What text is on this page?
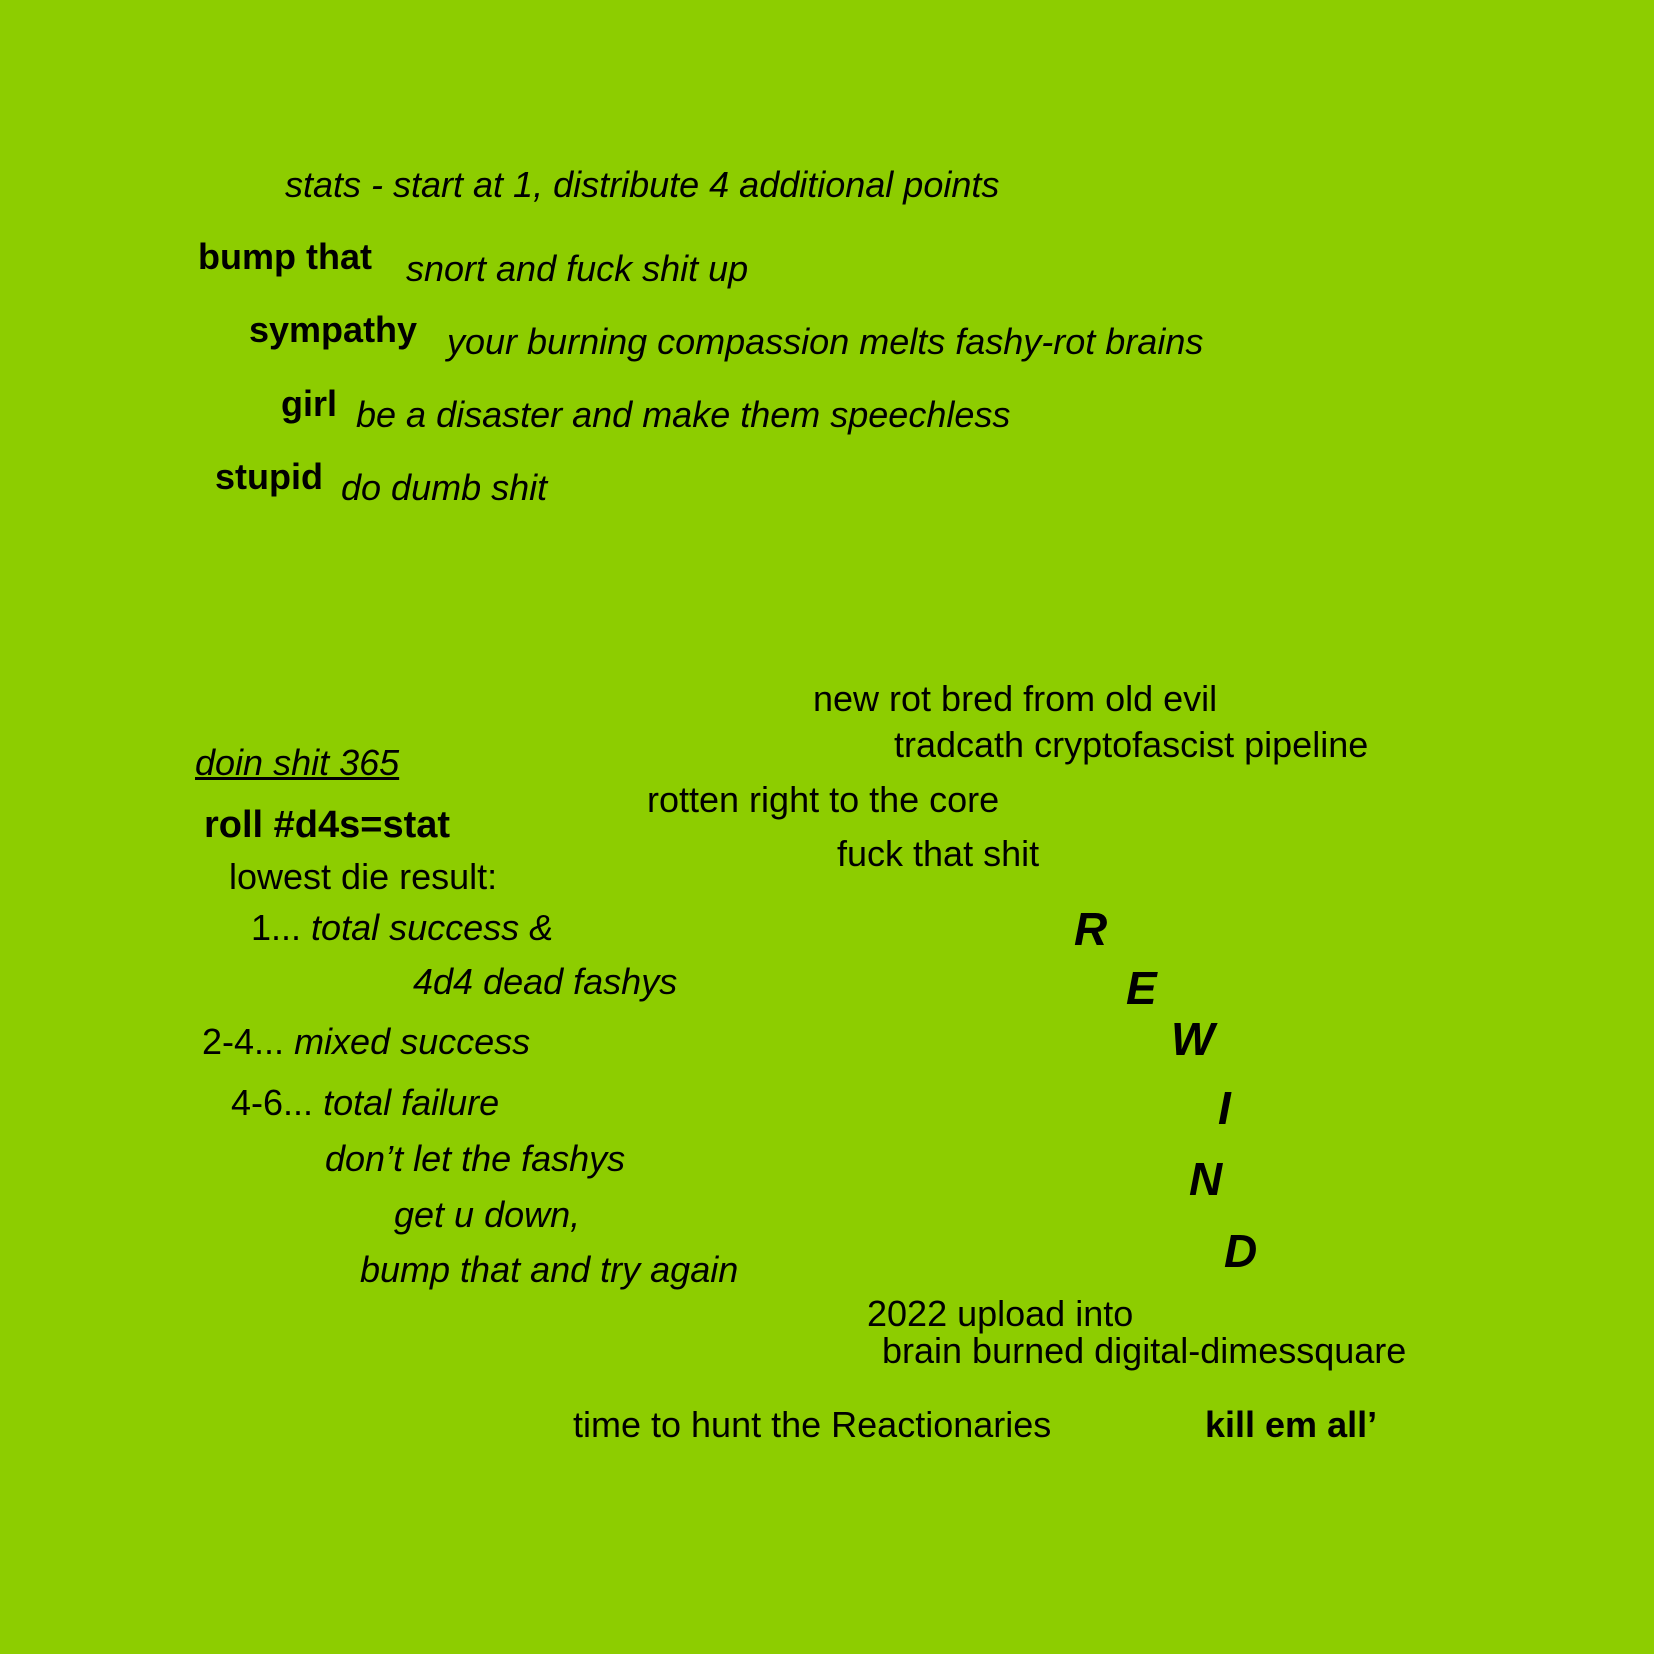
stats - start at 1, distribute 4 additional points
bump that snort and fuck shit up
sympathy your burning compassion melts fashy-rot brains
girl be a disaster and make them speechless
stupid do dumb shit
new rot bred from old evil
tradcath cryptofascist pipeline
rotten right to the core
fuck that shit
doin shit 365
roll #d4s=stat
lowest die result:
1... total success &
4d4 dead fashys
2-4... mixed success
4-6... total failure
don’t let the fashys
get u down,
bump that and try again
R
E
W
I
N
D
2022 upload into
brain burned digital-dimessquare
time to hunt the Reactionaries	kill em all’
